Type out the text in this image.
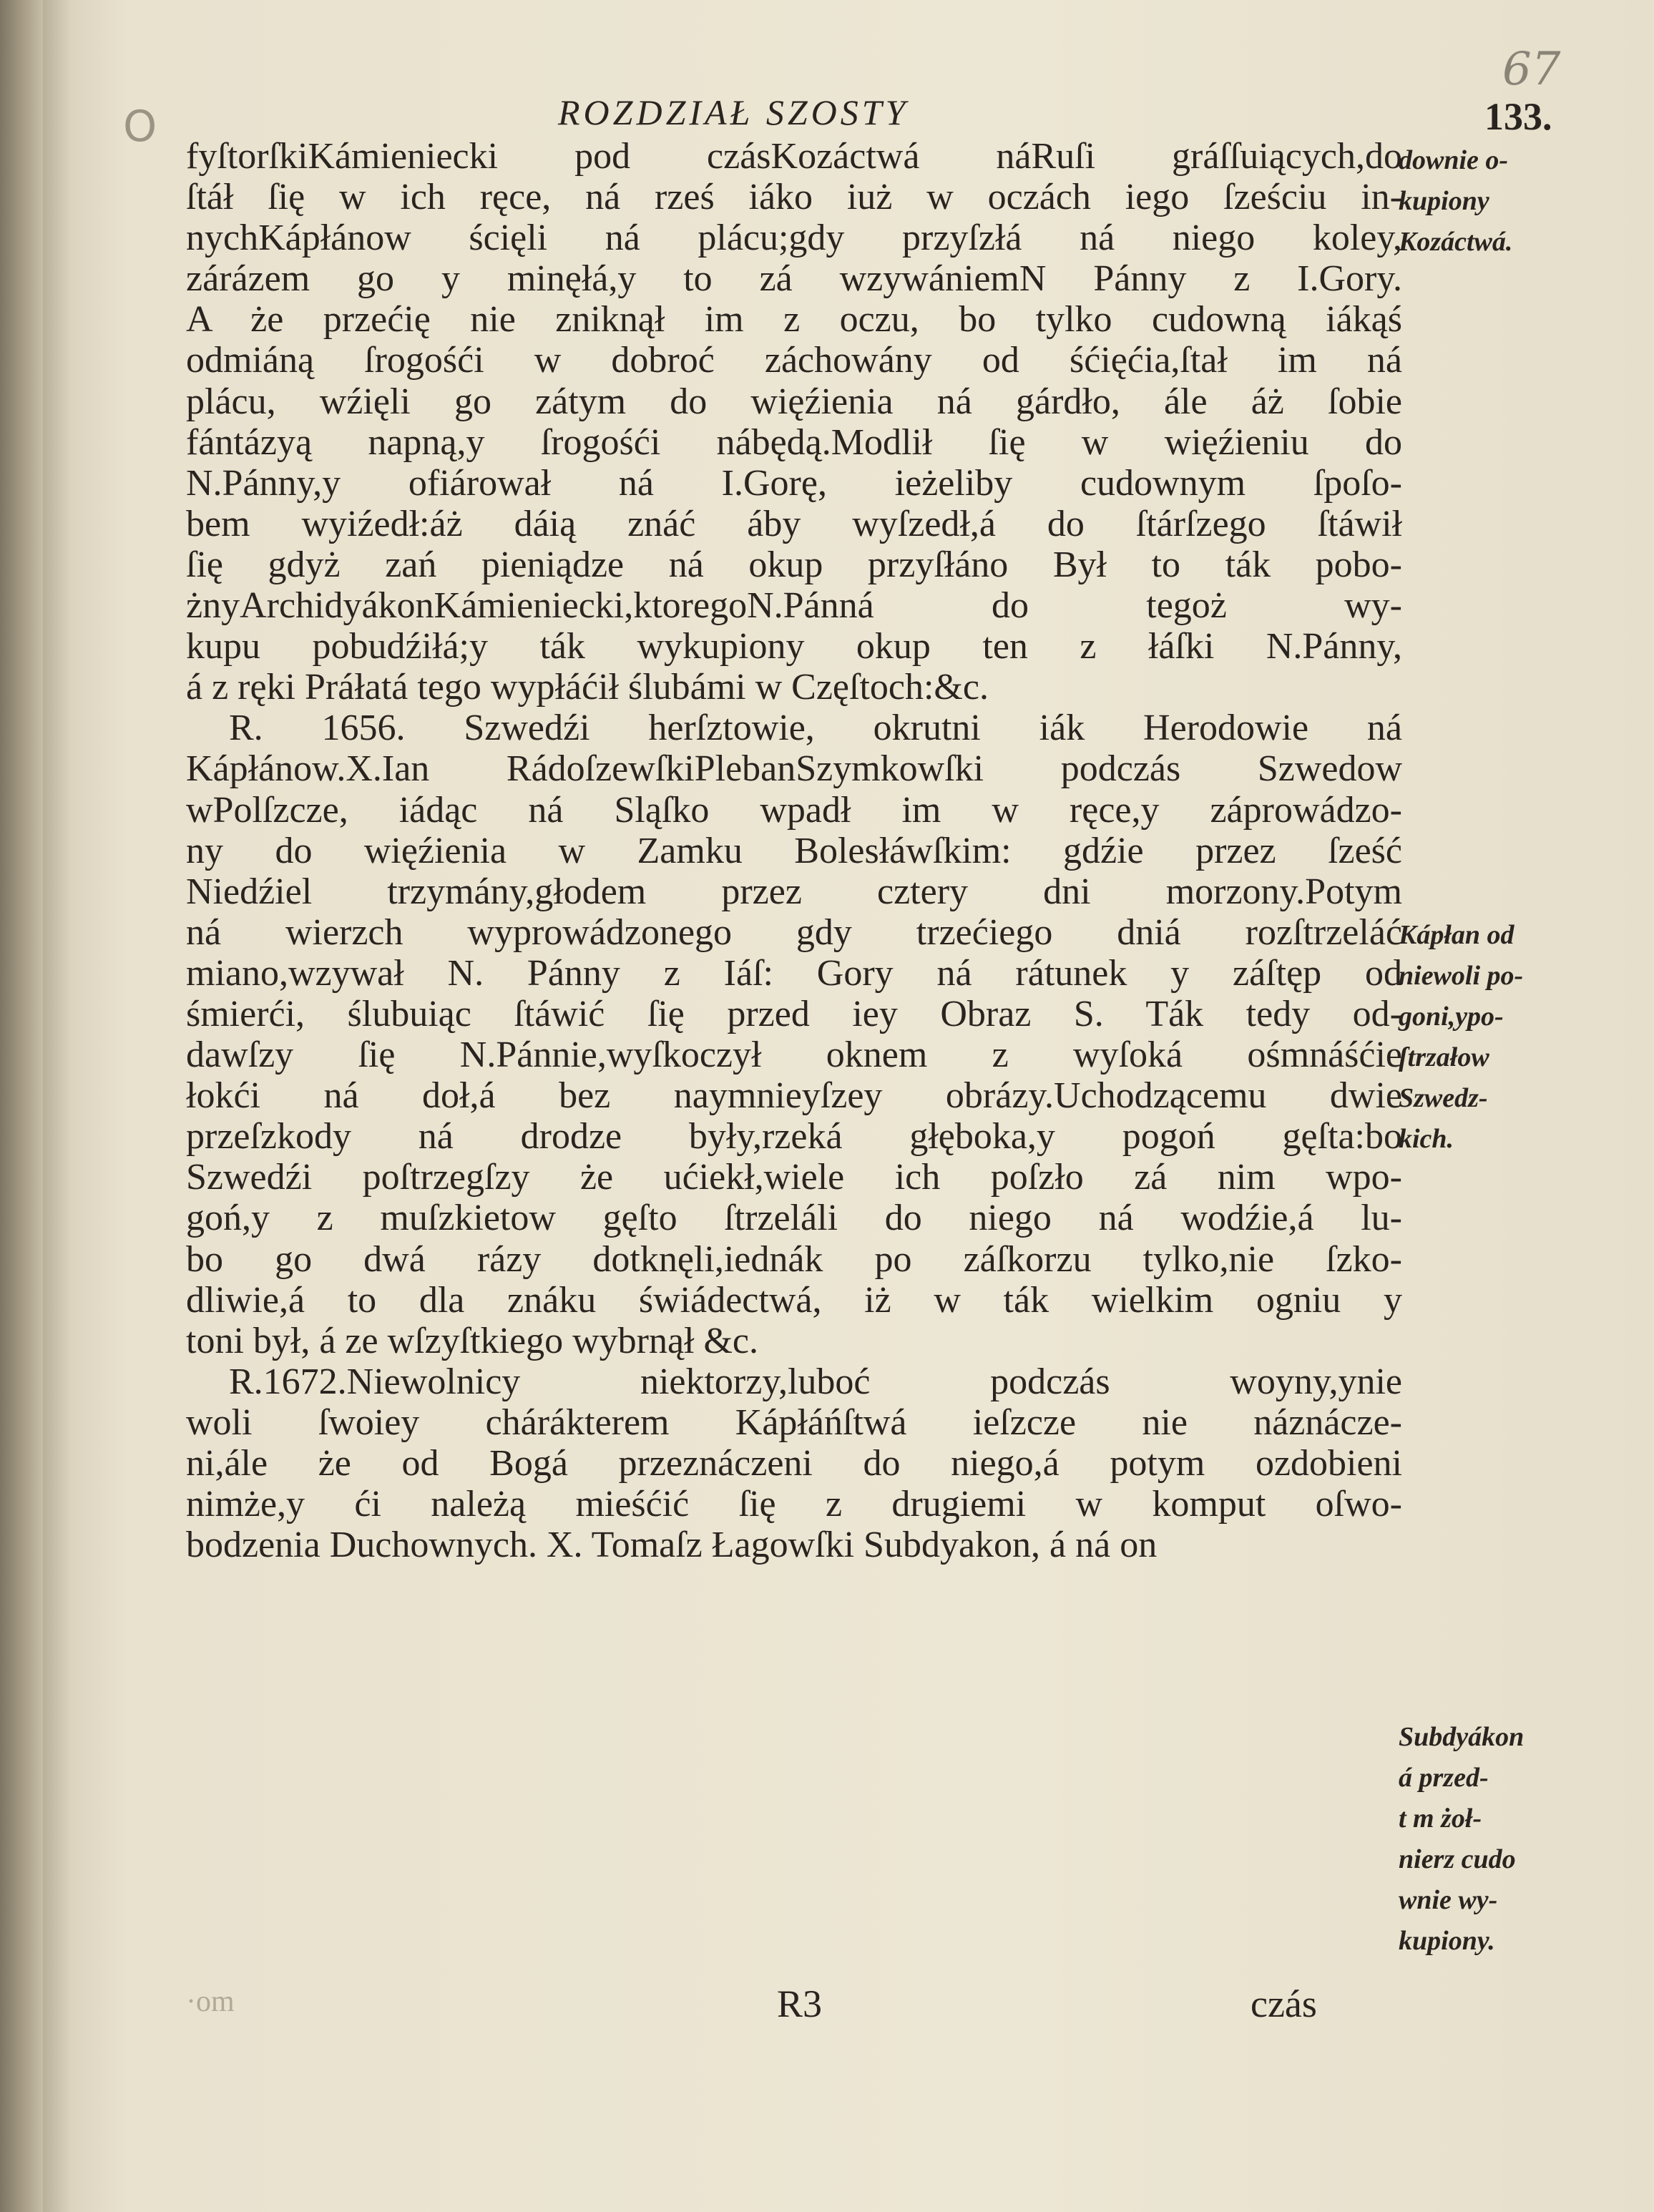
67
O	ROZDZIAŁ SZOSTY	133.
fyſtorſkiKámieniecki pod czásKozáctwá náRuſi gráſſuiących,do
ſtáł ſię w ich ręce, ná rześ iáko iuż w oczách iego ſześciu in-
nychKápłánow ścięli ná plácu;gdy przyſzłá ná niego koley,
zárázem go y minęłá,y to zá wzywániemN Pánny z I.Gory.
A że przećię nie zniknął im z oczu, bo tylko cudowną iákąś
odmiáną ſrogośći w dobroć záchowány od śćięćia,ſtał im ná
plácu, wźięli go zátym do więźienia ná gárdło, ále áż ſobie
fántázyą napną,y ſrogośći nábędą.Modlił ſię w więźieniu do
N.Pánny,y ofiárował ná I.Gorę, ieżeliby cudownym ſpoſo-
bem wyiźedł:áż dáią znáć áby wyſzedł,á do ſtárſzego ſtáwił
ſię gdyż zań pieniądze ná okup przyſłáno Był to ták pobo-
żnyArchidyákonKámieniecki,ktoregoN.Pánná do tegoż wy-
kupu pobudźiłá;y ták wykupiony okup ten z łáſki N.Pánny,
á z ręki Práłatá tego wypłáćił ślubámi w Częſtoch:&c.
R. 1656. Szwedźi herſztowie, okrutni iák Herodowie ná
Kápłánow.X.Ian RádoſzewſkiPlebanSzymkowſki podczás Szwedow
wPolſzcze, iádąc ná Sląſko wpadł im w ręce,y záprowádzo-
ny do więźienia w Zamku Bolesłáwſkim: gdźie przez ſześć
Niedźiel trzymány,głodem przez cztery dni morzony.Potym
ná wierzch wyprowádzonego gdy trzećiego dniá rozſtrzeláć
miano,wzywał N. Pánny z Iáſ: Gory ná rátunek y záſtęp od
śmierći, ślubuiąc ſtáwić ſię przed iey Obraz S. Ták tedy od-
dawſzy ſię N.Pánnie,wyſkoczył oknem z wyſoká ośmnáśćie
łokći ná doł,á bez naymnieyſzey obrázy.Uchodzącemu dwie
przeſzkody ná drodze były,rzeká głęboka,y pogoń gęſta:bo
Szwedźi poſtrzegſzy że ućiekł,wiele ich poſzło zá nim wpo-
goń,y z muſzkietow gęſto ſtrzeláli do niego ná wodźie,á lu-
bo go dwá rázy dotknęli,iednák po záſkorzu tylko,nie ſzko-
dliwie,á to dla znáku świádectwá, iż w ták wielkim ogniu y
toni był, á ze wſzyſtkiego wybrnął &c.
R.1672.Niewolnicy niektorzy,luboć podczás woyny,ynie
woli ſwoiey chárákterem Kápłáńſtwá ieſzcze nie náznácze-
ni,ále że od Bogá przeznáczeni do niego,á potym ozdobieni
nimże,y ći należą mieśćić ſię z drugiemi w komput oſwo-
bodzenia Duchownych. X. Tomaſz Łagowſki Subdyakon, á ná on
downie o-
kupiony
Kozáctwá.
Kápłan od
niewoli po-
goni,ypo-
ſtrzałow
Szwedz-
kich.
Subdyákon
á przed-
t m żoł-
nierz cudo
wnie wy-
kupiony.
·om	R3	czás
